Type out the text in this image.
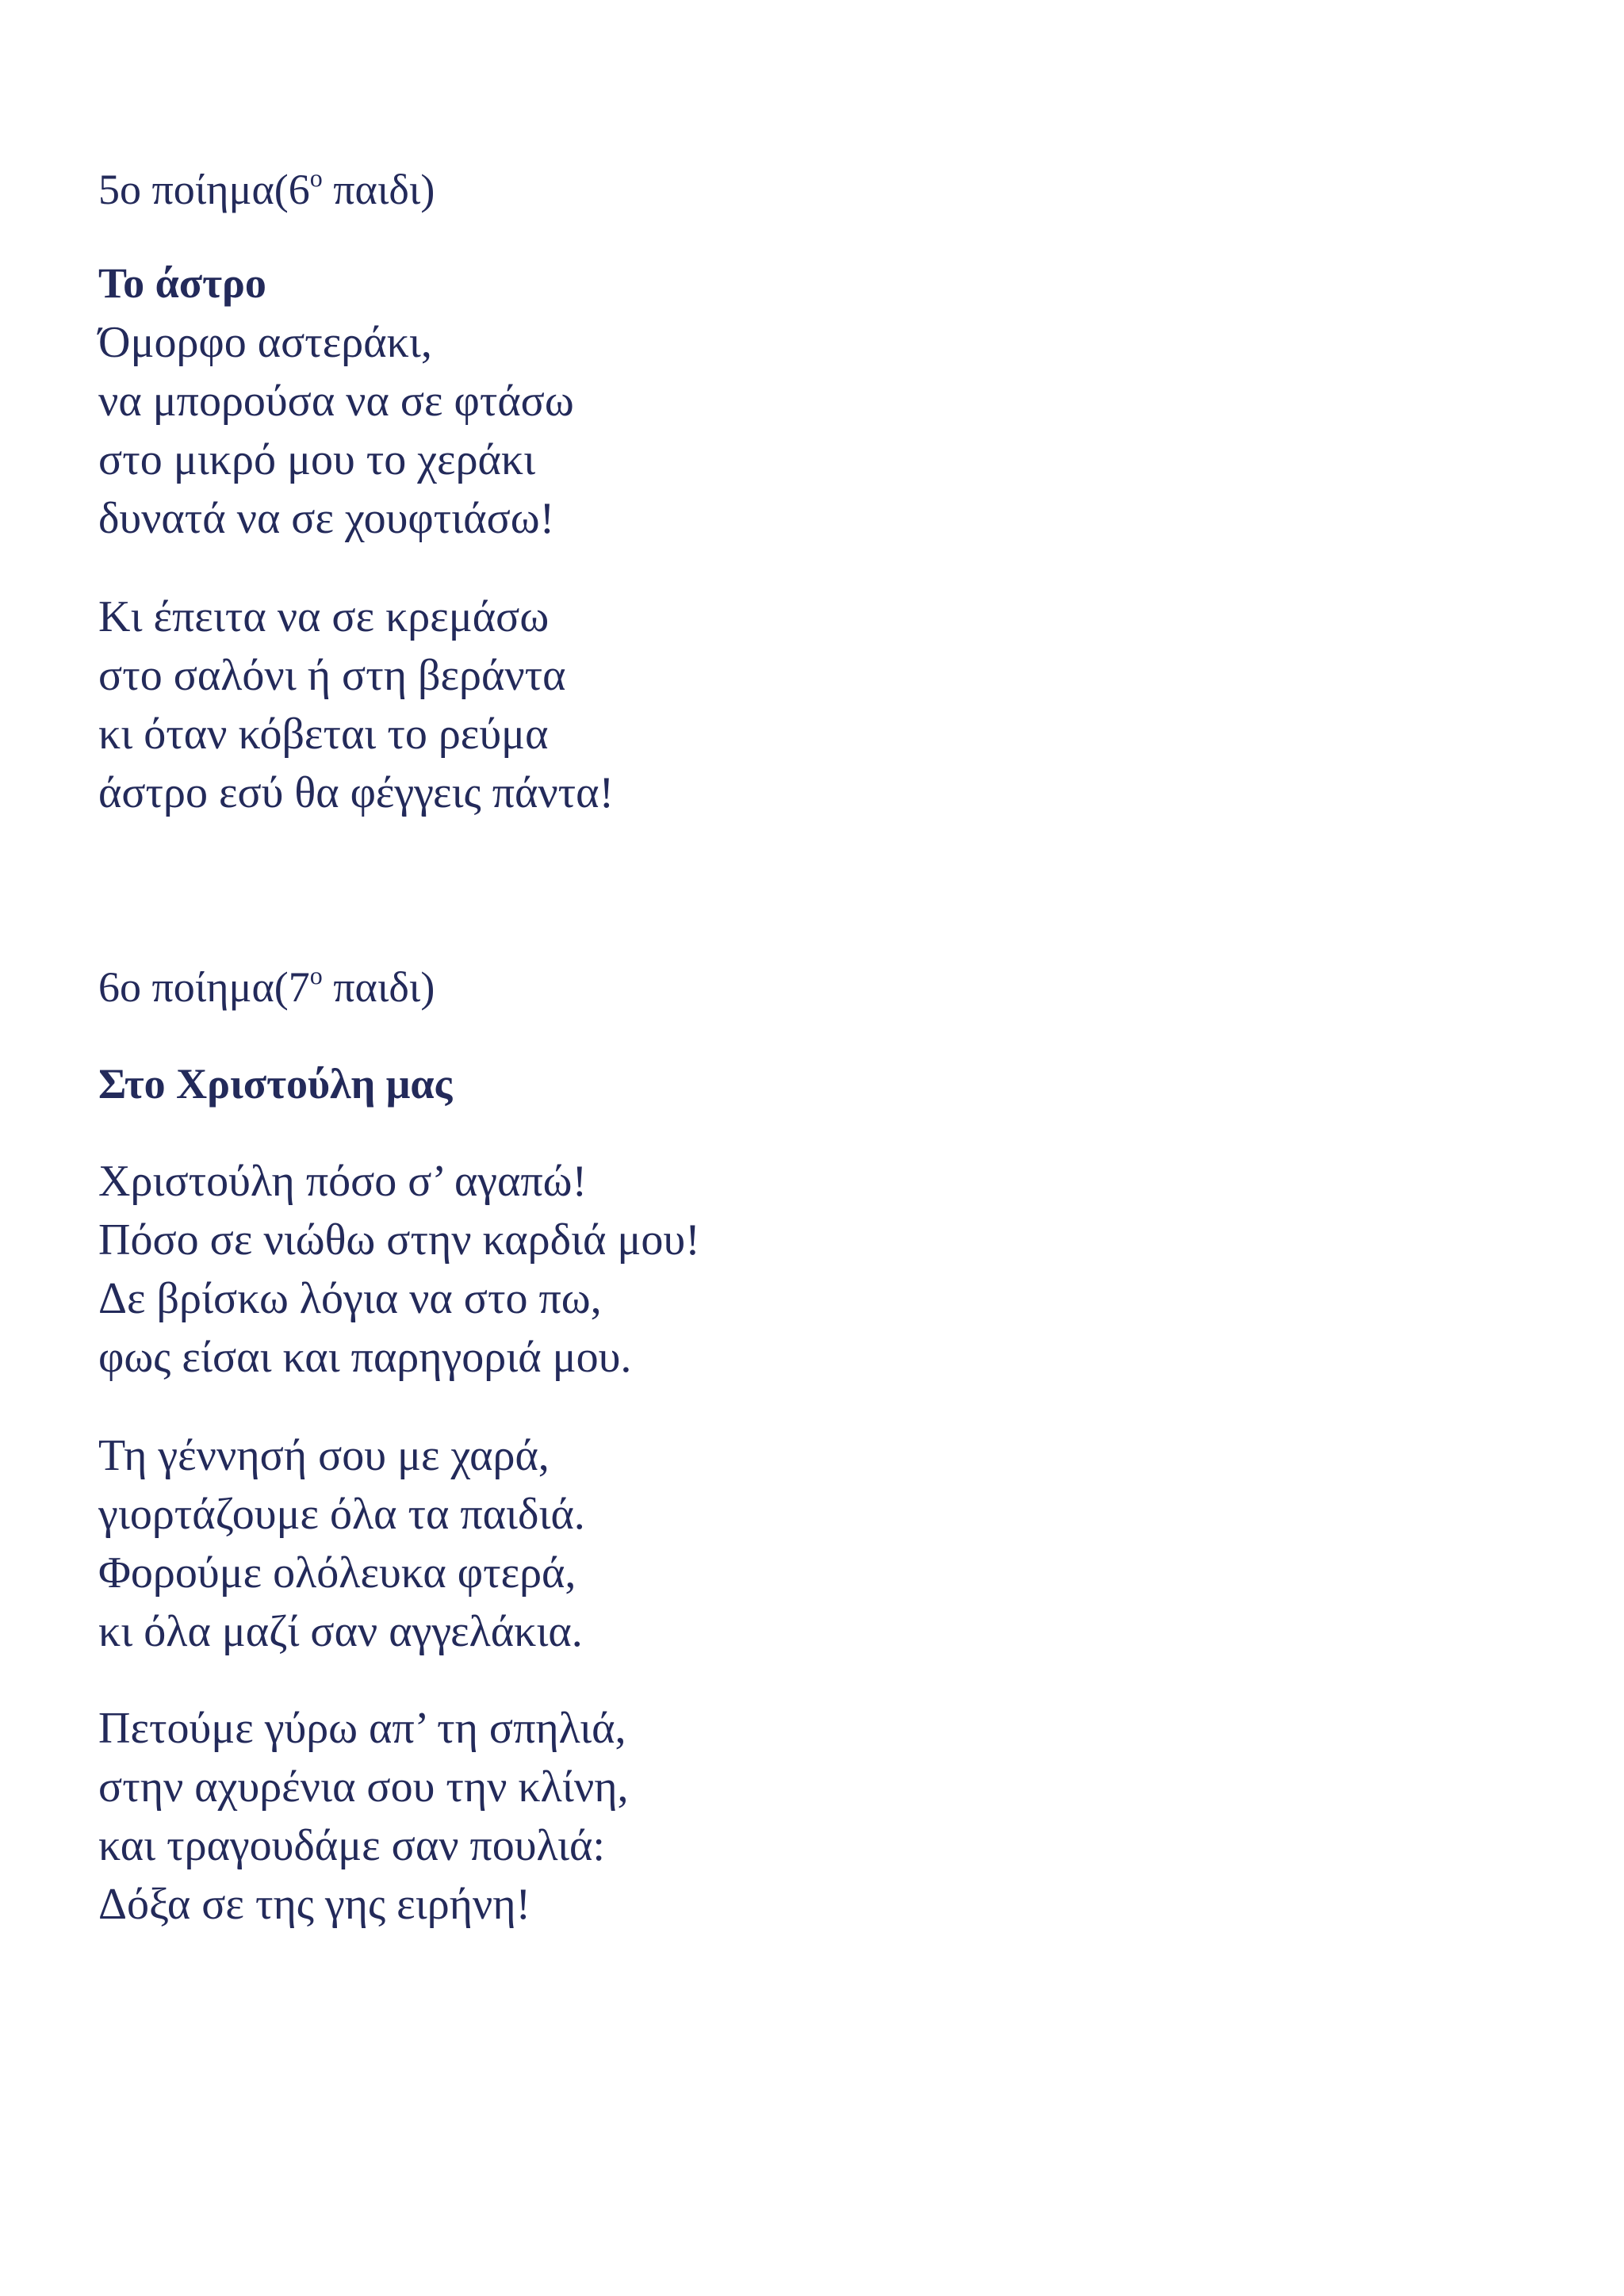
5ο $\pi oί\eta\mu\alpha(6^o$ παιδι)
Το άστρο
Όμορφο αστεράκι,
να μπορούσα να σε φτάσω
στο μικρό μου το χεράκι
δυνατά να σε χουφτιάσω!
Κι έπειτα να σε κρεμάσω
στο σαλόνι ή στη βεράντα
κι όταν κόβεται το ρεύμα
άστρο εσύ θα φέγγεις πάντα!
6ο $\pi oί\eta\mu\alpha(7^o$ παιδι)
Στο Χριστούλη μας
Χριστούλη πόσο σ’ αγαπώ!
Πόσο σε νιώθω στην καρδιά μου!
Δε βρίσκω λόγια να στο πω,
φως είσαι και παρηγοριά μου.
Τη γέννησή σου με χαρά,
γιορτάζουμε όλα τα παιδιά.
Φορούμε ολόλευκα φτερά,
κι όλα μαζί σαν αγγελάκια.
Πετούμε γύρω απ’ τη σπηλιά,
στην αχυρένια σου την κλίνη,
και τραγουδάμε σαν πουλιά:
Δόξα σε της γης ειρήνη!
